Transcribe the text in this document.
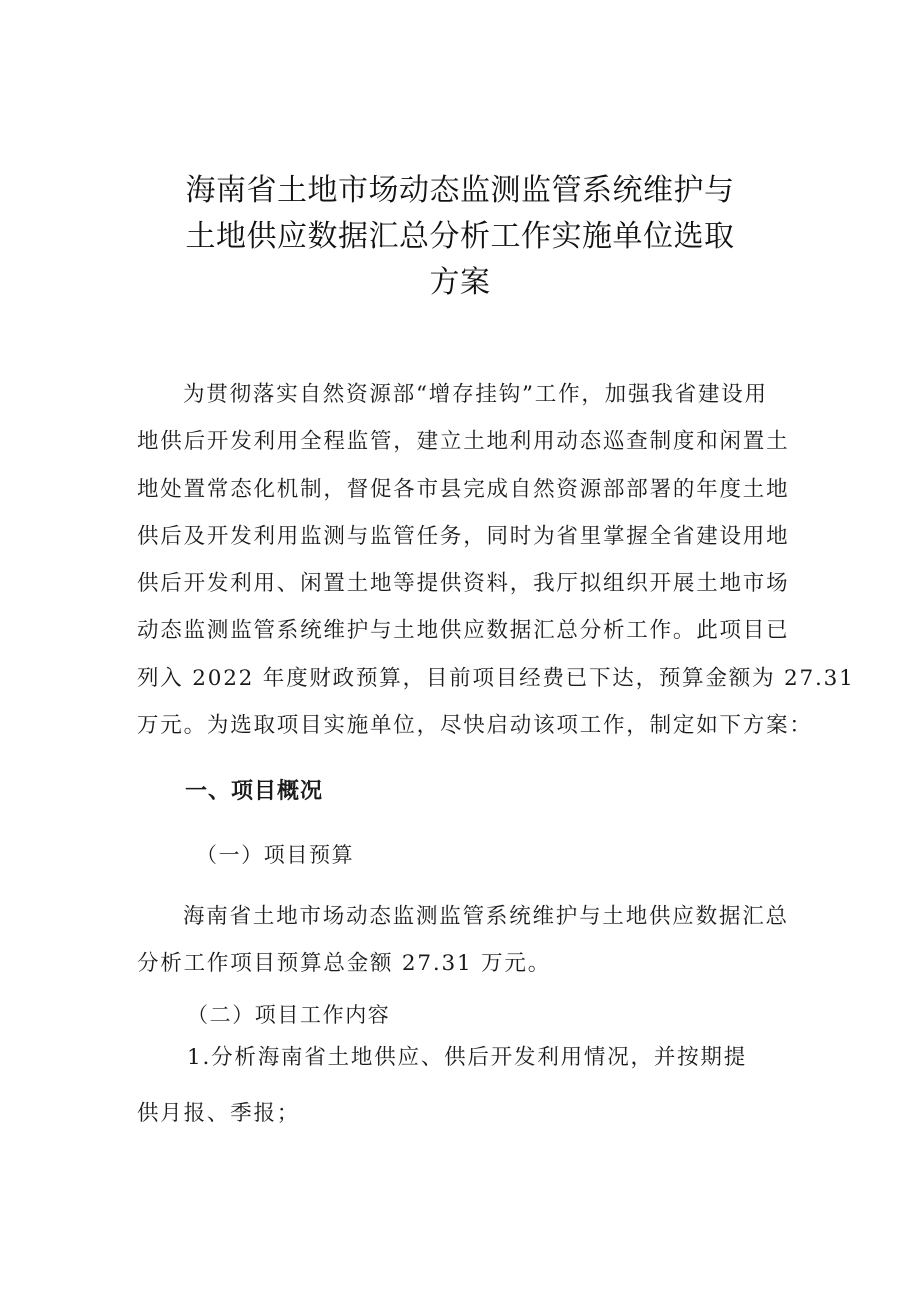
海南省土地市场动态监测监管系统维护与
土地供应数据汇总分析工作实施单位选取
方案
为贯彻落实自然资源部“增存挂钩”工作，加强我省建设用
地供后开发利用全程监管，建立土地利用动态巡查制度和闲置土
地处置常态化机制，督促各市县完成自然资源部部署的年度土地
供后及开发利用监测与监管任务，同时为省里掌握全省建设用地
供后开发利用、闲置土地等提供资料，我厅拟组织开展土地市场
动态监测监管系统维护与土地供应数据汇总分析工作。此项目已
列入 2022 年度财政预算，目前项目经费已下达，预算金额为 27.31
万元。为选取项目实施单位，尽快启动该项工作，制定如下方案：
一、项目概况
（一）项目预算
海南省土地市场动态监测监管系统维护与土地供应数据汇总
分析工作项目预算总金额 27.31 万元。
（二）项目工作内容
1.分析海南省土地供应、供后开发利用情况，并按期提
供月报、季报；
